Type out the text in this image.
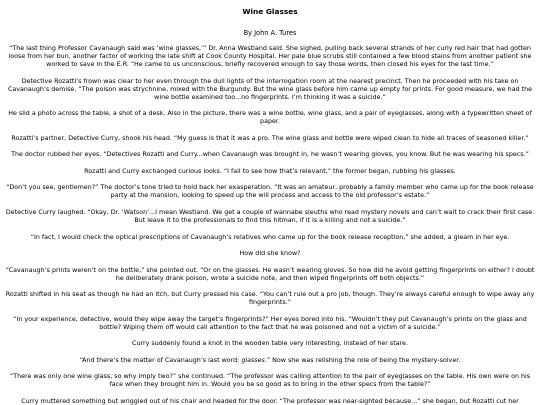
Wine Glasses

By John A. Tures

“The last thing Professor Cavanaugh said was ‘wine glasses,’” Dr. Anna Westland said. She sighed, pulling back several strands of her curly red hair that had gotten loose from her bun, another factor of working the late shift at Cook County Hospital. Her pale blue scrubs still contained a few blood stains from another patient she worked to save in the E.R. “He came to us unconscious, briefly recovered enough to say those words, then closed his eyes for the last time.”

Detective Rozatti’s frown was clear to her even through the dull lights of the interrogation room at the nearest precinct. Then he proceeded with his take on Cavanaugh’s demise. “The poison was strychnine, mixed with the Burgundy. But the wine glass before him came up empty for prints. For good measure, we had the wine bottle examined too...no fingerprints. I’m thinking it was a suicide.”

He slid a photo across the table, a shot of a desk. Also in the picture, there was a wine bottle, wine glass, and a pair of eyeglasses, along with a typewritten sheet of paper.

Rozatti’s partner, Detective Curry, shook his head. “My guess is that it was a pro. The wine glass and bottle were wiped clean to hide all traces of seasoned killer.”

The doctor rubbed her eyes. “Detectives Rozatti and Curry...when Cavanaugh was brought in, he wasn’t wearing gloves, you know. But he was wearing his specs.”

Rozatti and Curry exchanged curious looks. “I fail to see how that’s relevant,” the former began, rubbing his glasses.

“Don’t you see, gentlemen?” The doctor’s tone tried to hold back her exasperation. “It was an amateur, probably a family member who came up for the book release party at the mansion, looking to speed up the will process and access to the old professor’s estate.”

Detective Curry laughed. “Okay, Dr. ‘Watson’...I mean Westland. We get a couple of wannabe sleuths who read mystery novels and can’t wait to crack their first case. But leave it to the professionals to find this hitman, if it is a killing and not a suicide.”

“In fact, I would check the optical prescriptions of Cavanaugh’s relatives who came up for the book release reception,” she added, a gleam in her eye.

How did she know?

“Cavanaugh’s prints weren’t on the bottle,” she pointed out. “Or on the glasses. He wasn’t wearing gloves. So how did he avoid getting fingerprints on either? I doubt he deliberately drank poison, wrote a suicide note, and then wiped fingerprints off both objects.”

Rozatti shifted in his seat as though he had an itch, but Curry pressed his case. “You can’t rule out a pro job, though. They’re always careful enough to wipe away any fingerprints.”

“In your experience, detective, would they wipe away the target’s fingerprints?” Her eyes bored into his. “Wouldn’t they put Cavanaugh’s prints on the glass and bottle? Wiping them off would call attention to the fact that he was poisoned and not a victim of a suicide.”

Curry suddenly found a knot in the wooden table very interesting, instead of her stare.

“And there’s the matter of Cavanaugh’s last word: glasses.” Now she was relishing the role of being the mystery-solver.

“There was only one wine glass, so why imply two?” she continued. “The professor was calling attention to the pair of eyeglasses on the table. His own were on his face when they brought him in. Would you be so good as to bring in the other specs from the table?”

Curry muttered something but wriggled out of his chair and headed for the door. “The professor was near-sighted because...” she began, but Rozatti cut her
